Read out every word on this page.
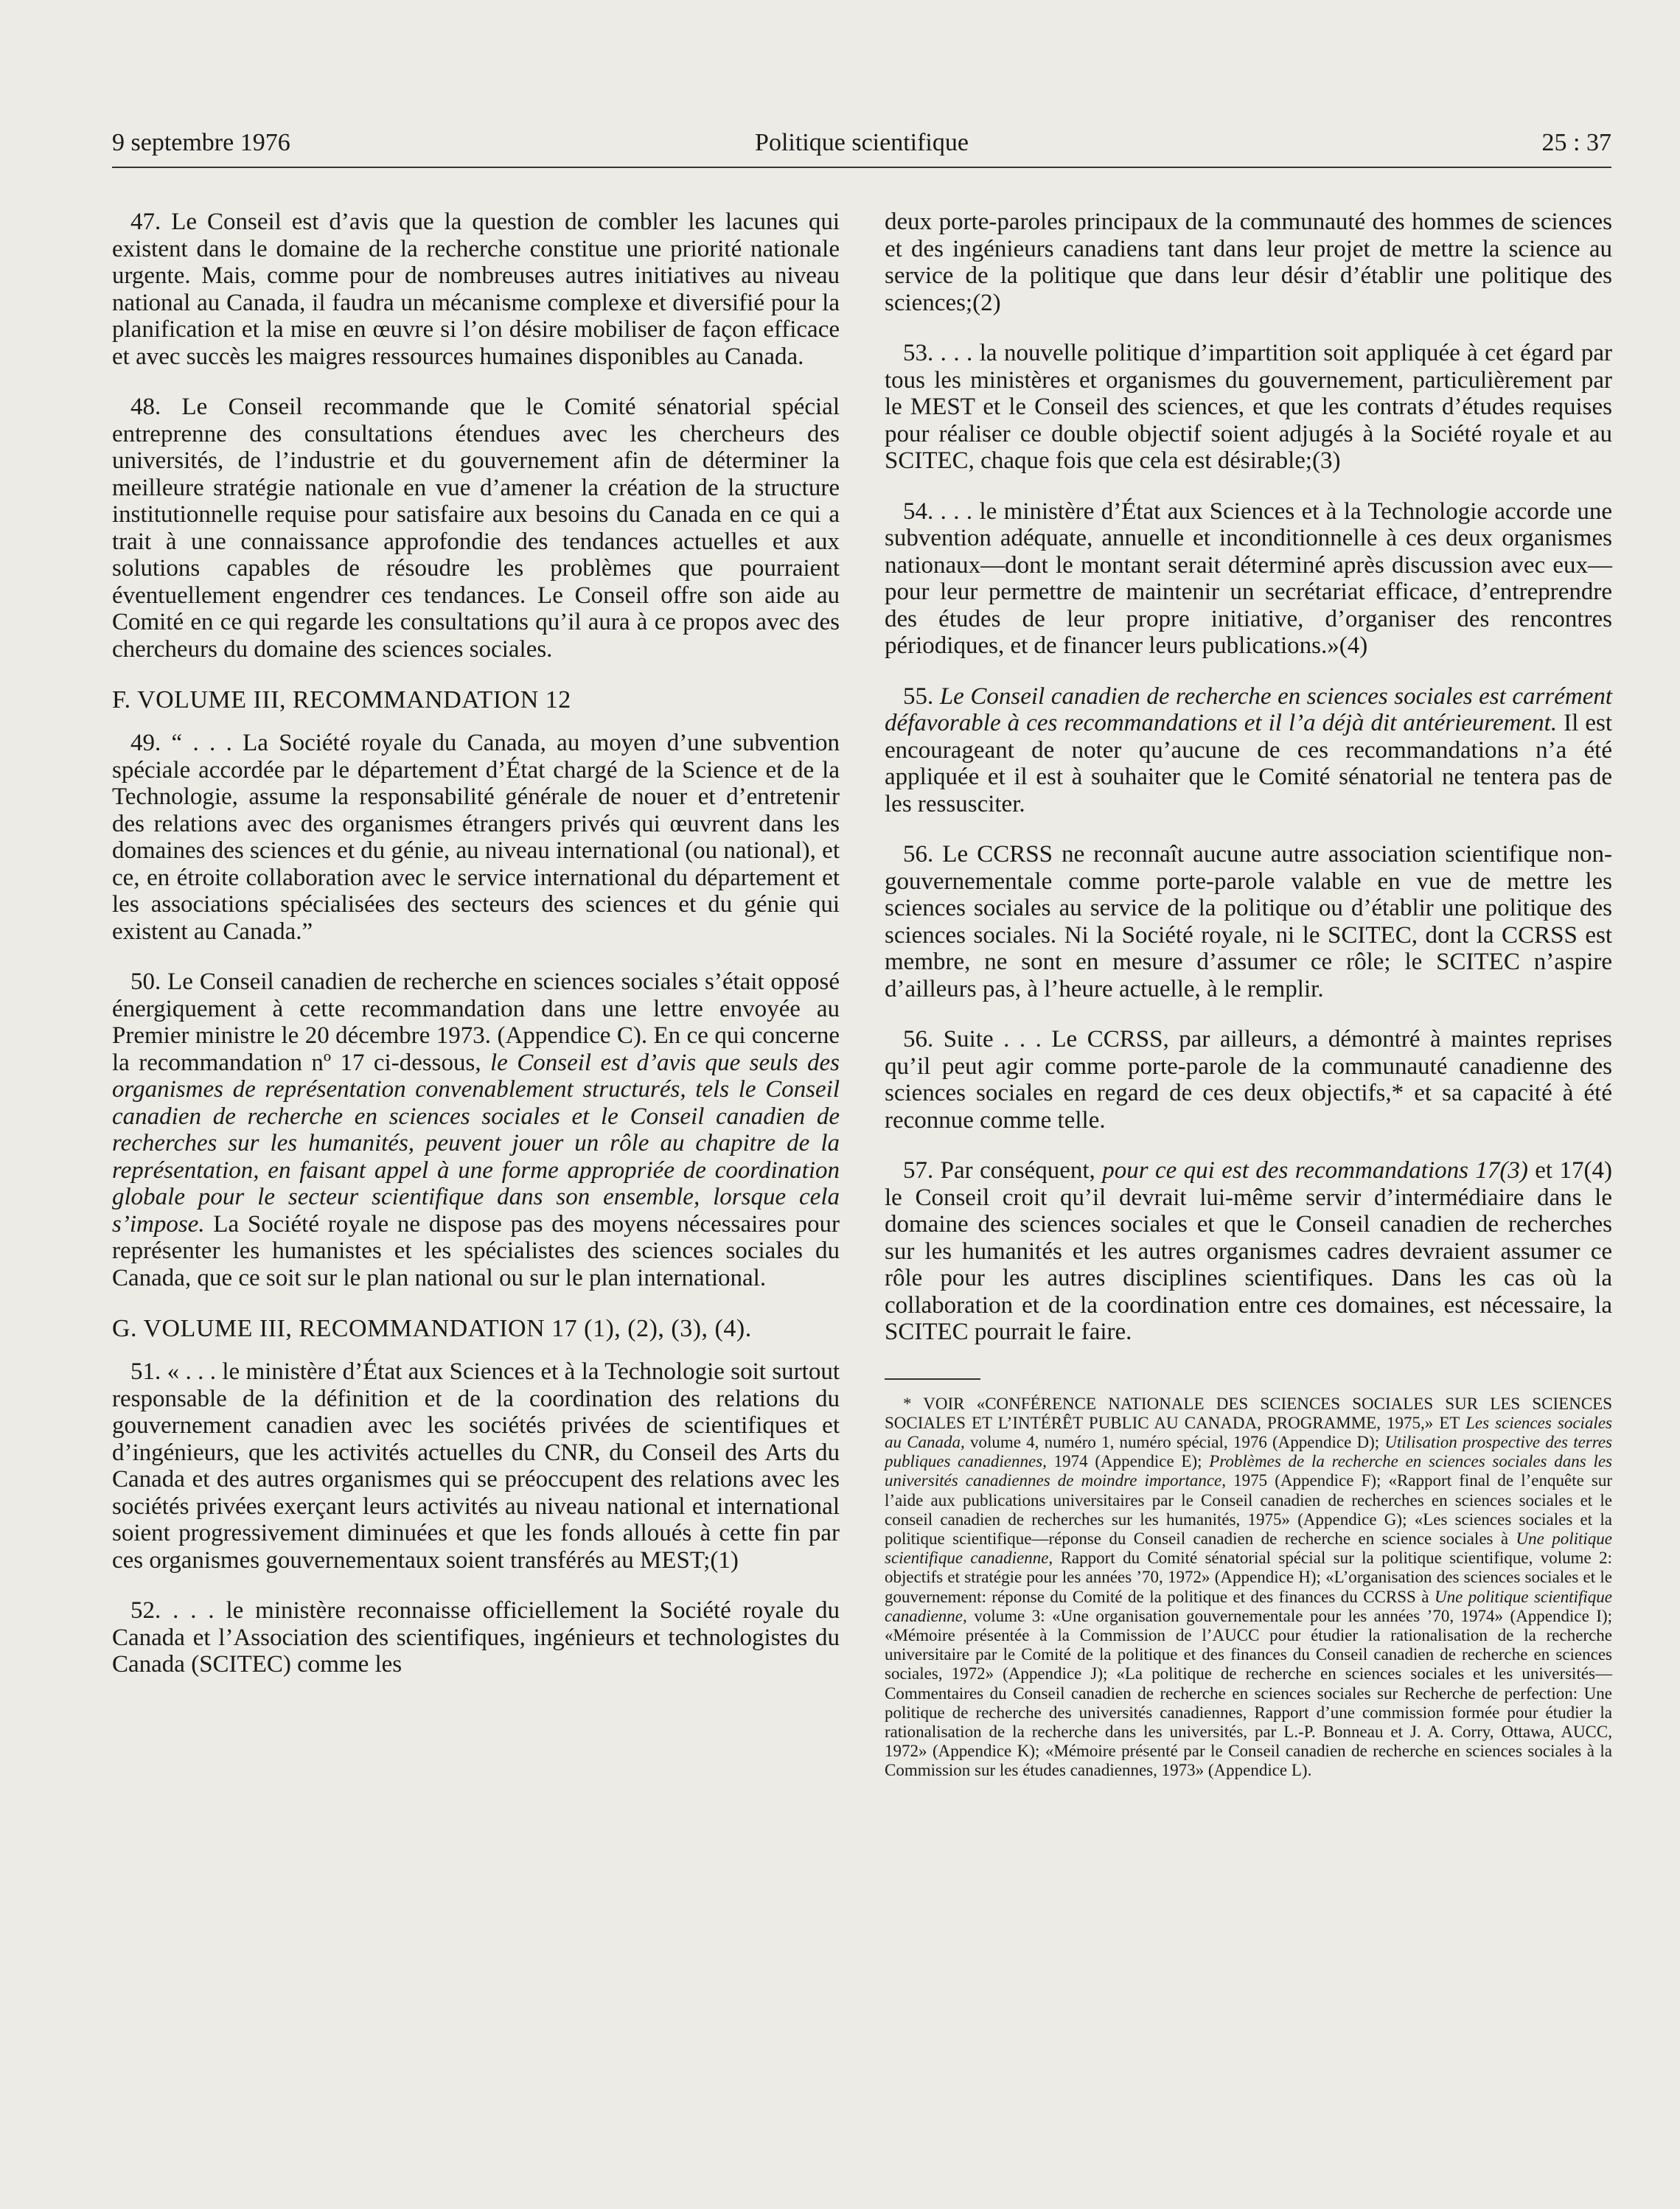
9 septembre 1976	Politique scientifique	25 : 37

47. Le Conseil est d’avis que la question de combler les lacunes qui existent dans le domaine de la recherche constitue une priorité nationale urgente. Mais, comme pour de nombreuses autres initiatives au niveau national au Canada, il faudra un mécanisme complexe et diversifié pour la planification et la mise en œuvre si l’on désire mobiliser de façon efficace et avec succès les maigres ressources humaines disponibles au Canada.

48. Le Conseil recommande que le Comité sénatorial spécial entreprenne des consultations étendues avec les chercheurs des universités, de l’industrie et du gouvernement afin de déterminer la meilleure stratégie nationale en vue d’amener la création de la structure institutionnelle requise pour satisfaire aux besoins du Canada en ce qui a trait à une connaissance approfondie des tendances actuelles et aux solutions capables de résoudre les problèmes que pourraient éventuellement engendrer ces tendances. Le Conseil offre son aide au Comité en ce qui regarde les consultations qu’il aura à ce propos avec des chercheurs du domaine des sciences sociales.

F. VOLUME III, RECOMMANDATION 12

49. “ . . . La Société royale du Canada, au moyen d’une subvention spéciale accordée par le département d’État chargé de la Science et de la Technologie, assume la responsabilité générale de nouer et d’entretenir des relations avec des organismes étrangers privés qui œuvrent dans les domaines des sciences et du génie, au niveau international (ou national), et ce, en étroite collaboration avec le service international du département et les associations spécialisées des secteurs des sciences et du génie qui existent au Canada.”

50. Le Conseil canadien de recherche en sciences sociales s’était opposé énergiquement à cette recommandation dans une lettre envoyée au Premier ministre le 20 décembre 1973. (Appendice C). En ce qui concerne la recommandation nº 17 ci-dessous, le Conseil est d’avis que seuls des organismes de représentation convenablement structurés, tels le Conseil canadien de recherche en sciences sociales et le Conseil canadien de recherches sur les humanités, peuvent jouer un rôle au chapitre de la représentation, en faisant appel à une forme appropriée de coordination globale pour le secteur scientifique dans son ensemble, lorsque cela s’impose. La Société royale ne dispose pas des moyens nécessaires pour représenter les humanistes et les spécialistes des sciences sociales du Canada, que ce soit sur le plan national ou sur le plan international.

G. VOLUME III, RECOMMANDATION 17 (1), (2), (3), (4).

51. « . . . le ministère d’État aux Sciences et à la Technologie soit surtout responsable de la définition et de la coordination des relations du gouvernement canadien avec les sociétés privées de scientifiques et d’ingénieurs, que les activités actuelles du CNR, du Conseil des Arts du Canada et des autres organismes qui se préoccupent des relations avec les sociétés privées exerçant leurs activités au niveau national et international soient progressivement diminuées et que les fonds alloués à cette fin par ces organismes gouvernementaux soient transférés au MEST;(1)

52. . . . le ministère reconnaisse officiellement la Société royale du Canada et l’Association des scientifiques, ingénieurs et technologistes du Canada (SCITEC) comme les

deux porte-paroles principaux de la communauté des hommes de sciences et des ingénieurs canadiens tant dans leur projet de mettre la science au service de la politique que dans leur désir d’établir une politique des sciences;(2)

53. . . . la nouvelle politique d’impartition soit appliquée à cet égard par tous les ministères et organismes du gouvernement, particulièrement par le MEST et le Conseil des sciences, et que les contrats d’études requises pour réaliser ce double objectif soient adjugés à la Société royale et au SCITEC, chaque fois que cela est désirable;(3)

54. . . . le ministère d’État aux Sciences et à la Technologie accorde une subvention adéquate, annuelle et inconditionnelle à ces deux organismes nationaux—dont le montant serait déterminé après discussion avec eux—pour leur permettre de maintenir un secrétariat efficace, d’entreprendre des études de leur propre initiative, d’organiser des rencontres périodiques, et de financer leurs publications.»(4)

55. Le Conseil canadien de recherche en sciences sociales est carrément défavorable à ces recommandations et il l’a déjà dit antérieurement. Il est encourageant de noter qu’aucune de ces recommandations n’a été appliquée et il est à souhaiter que le Comité sénatorial ne tentera pas de les ressusciter.

56. Le CCRSS ne reconnaît aucune autre association scientifique non-gouvernementale comme porte-parole valable en vue de mettre les sciences sociales au service de la politique ou d’établir une politique des sciences sociales. Ni la Société royale, ni le SCITEC, dont la CCRSS est membre, ne sont en mesure d’assumer ce rôle; le SCITEC n’aspire d’ailleurs pas, à l’heure actuelle, à le remplir.

56. Suite . . . Le CCRSS, par ailleurs, a démontré à maintes reprises qu’il peut agir comme porte-parole de la communauté canadienne des sciences sociales en regard de ces deux objectifs,* et sa capacité à été reconnue comme telle.

57. Par conséquent, pour ce qui est des recommandations 17(3) et 17(4) le Conseil croit qu’il devrait lui-même servir d’intermédiaire dans le domaine des sciences sociales et que le Conseil canadien de recherches sur les humanités et les autres organismes cadres devraient assumer ce rôle pour les autres disciplines scientifiques. Dans les cas où la collaboration et de la coordination entre ces domaines, est nécessaire, la SCITEC pourrait le faire.

* VOIR «CONFÉRENCE NATIONALE DES SCIENCES SOCIALES SUR LES SCIENCES SOCIALES ET L’INTÉRÊT PUBLIC AU CANADA, PROGRAMME, 1975,» ET Les sciences sociales au Canada, volume 4, numéro 1, numéro spécial, 1976 (Appendice D); Utilisation prospective des terres publiques canadiennes, 1974 (Appendice E); Problèmes de la recherche en sciences sociales dans les universités canadiennes de moindre importance, 1975 (Appendice F); «Rapport final de l’enquête sur l’aide aux publications universitaires par le Conseil canadien de recherches en sciences sociales et le conseil canadien de recherches sur les humanités, 1975» (Appendice G); «Les sciences sociales et la politique scientifique—réponse du Conseil canadien de recherche en science sociales à Une politique scientifique canadienne, Rapport du Comité sénatorial spécial sur la politique scientifique, volume 2: objectifs et stratégie pour les années ’70, 1972» (Appendice H); «L’organisation des sciences sociales et le gouvernement: réponse du Comité de la politique et des finances du CCRSS à Une politique scientifique canadienne, volume 3: «Une organisation gouvernementale pour les années ’70, 1974» (Appendice I); «Mémoire présentée à la Commission de l’AUCC pour étudier la rationalisation de la recherche universitaire par le Comité de la politique et des finances du Conseil canadien de recherche en sciences sociales, 1972» (Appendice J); «La politique de recherche en sciences sociales et les universités—Commentaires du Conseil canadien de recherche en sciences sociales sur Recherche de perfection: Une politique de recherche des universités canadiennes, Rapport d’une commission formée pour étudier la rationalisation de la recherche dans les universités, par L.-P. Bonneau et J. A. Corry, Ottawa, AUCC, 1972» (Appendice K); «Mémoire présenté par le Conseil canadien de recherche en sciences sociales à la Commission sur les études canadiennes, 1973» (Appendice L).
